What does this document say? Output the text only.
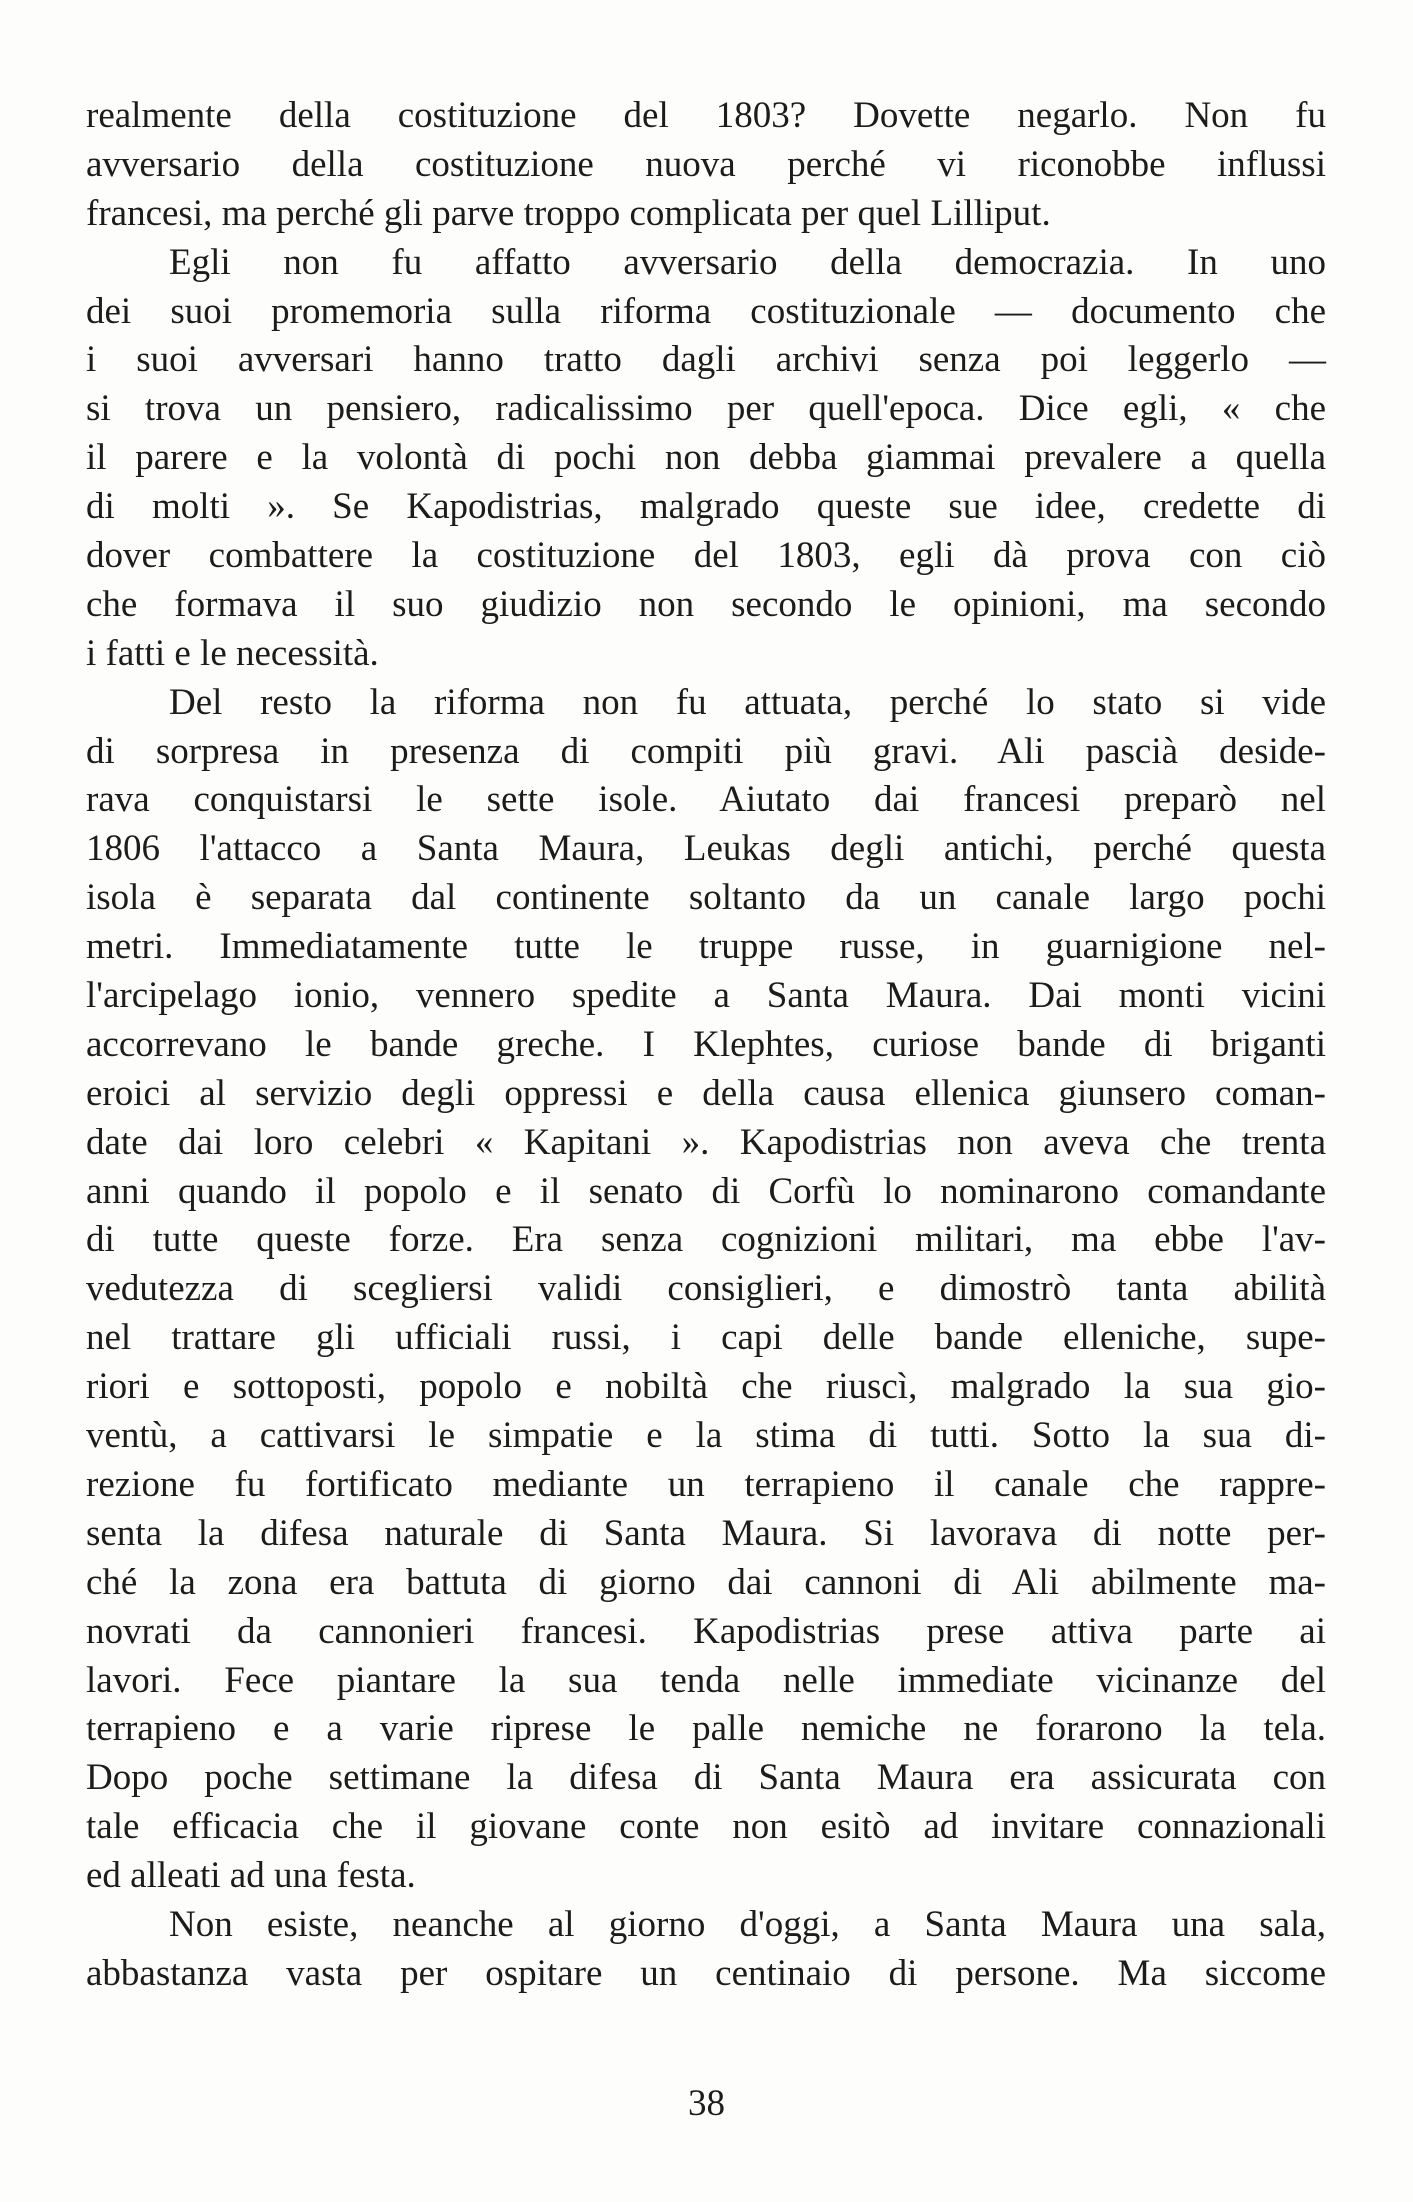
realmente della costituzione del 1803? Dovette negarlo. Non fu
avversario della costituzione nuova perché vi riconobbe influssi
francesi, ma perché gli parve troppo complicata per quel Lilliput.
Egli non fu affatto avversario della democrazia. In uno
dei suoi promemoria sulla riforma costituzionale — documento che
i suoi avversari hanno tratto dagli archivi senza poi leggerlo —
si trova un pensiero, radicalissimo per quell'epoca. Dice egli, « che
il parere e la volontà di pochi non debba giammai prevalere a quella
di molti ». Se Kapodistrias, malgrado queste sue idee, credette di
dover combattere la costituzione del 1803, egli dà prova con ciò
che formava il suo giudizio non secondo le opinioni, ma secondo
i fatti e le necessità.
Del resto la riforma non fu attuata, perché lo stato si vide
di sorpresa in presenza di compiti più gravi. Ali pascià deside-
rava conquistarsi le sette isole. Aiutato dai francesi preparò nel
1806 l'attacco a Santa Maura, Leukas degli antichi, perché questa
isola è separata dal continente soltanto da un canale largo pochi
metri. Immediatamente tutte le truppe russe, in guarnigione nel-
l'arcipelago ionio, vennero spedite a Santa Maura. Dai monti vicini
accorrevano le bande greche. I Klephtes, curiose bande di briganti
eroici al servizio degli oppressi e della causa ellenica giunsero coman-
date dai loro celebri « Kapitani ». Kapodistrias non aveva che trenta
anni quando il popolo e il senato di Corfù lo nominarono comandante
di tutte queste forze. Era senza cognizioni militari, ma ebbe l'av-
vedutezza di scegliersi validi consiglieri, e dimostrò tanta abilità
nel trattare gli ufficiali russi, i capi delle bande elleniche, supe-
riori e sottoposti, popolo e nobiltà che riuscì, malgrado la sua gio-
ventù, a cattivarsi le simpatie e la stima di tutti. Sotto la sua di-
rezione fu fortificato mediante un terrapieno il canale che rappre-
senta la difesa naturale di Santa Maura. Si lavorava di notte per-
ché la zona era battuta di giorno dai cannoni di Ali abilmente ma-
novrati da cannonieri francesi. Kapodistrias prese attiva parte ai
lavori. Fece piantare la sua tenda nelle immediate vicinanze del
terrapieno e a varie riprese le palle nemiche ne forarono la tela.
Dopo poche settimane la difesa di Santa Maura era assicurata con
tale efficacia che il giovane conte non esitò ad invitare connazionali
ed alleati ad una festa.
Non esiste, neanche al giorno d'oggi, a Santa Maura una sala,
abbastanza vasta per ospitare un centinaio di persone. Ma siccome
38
